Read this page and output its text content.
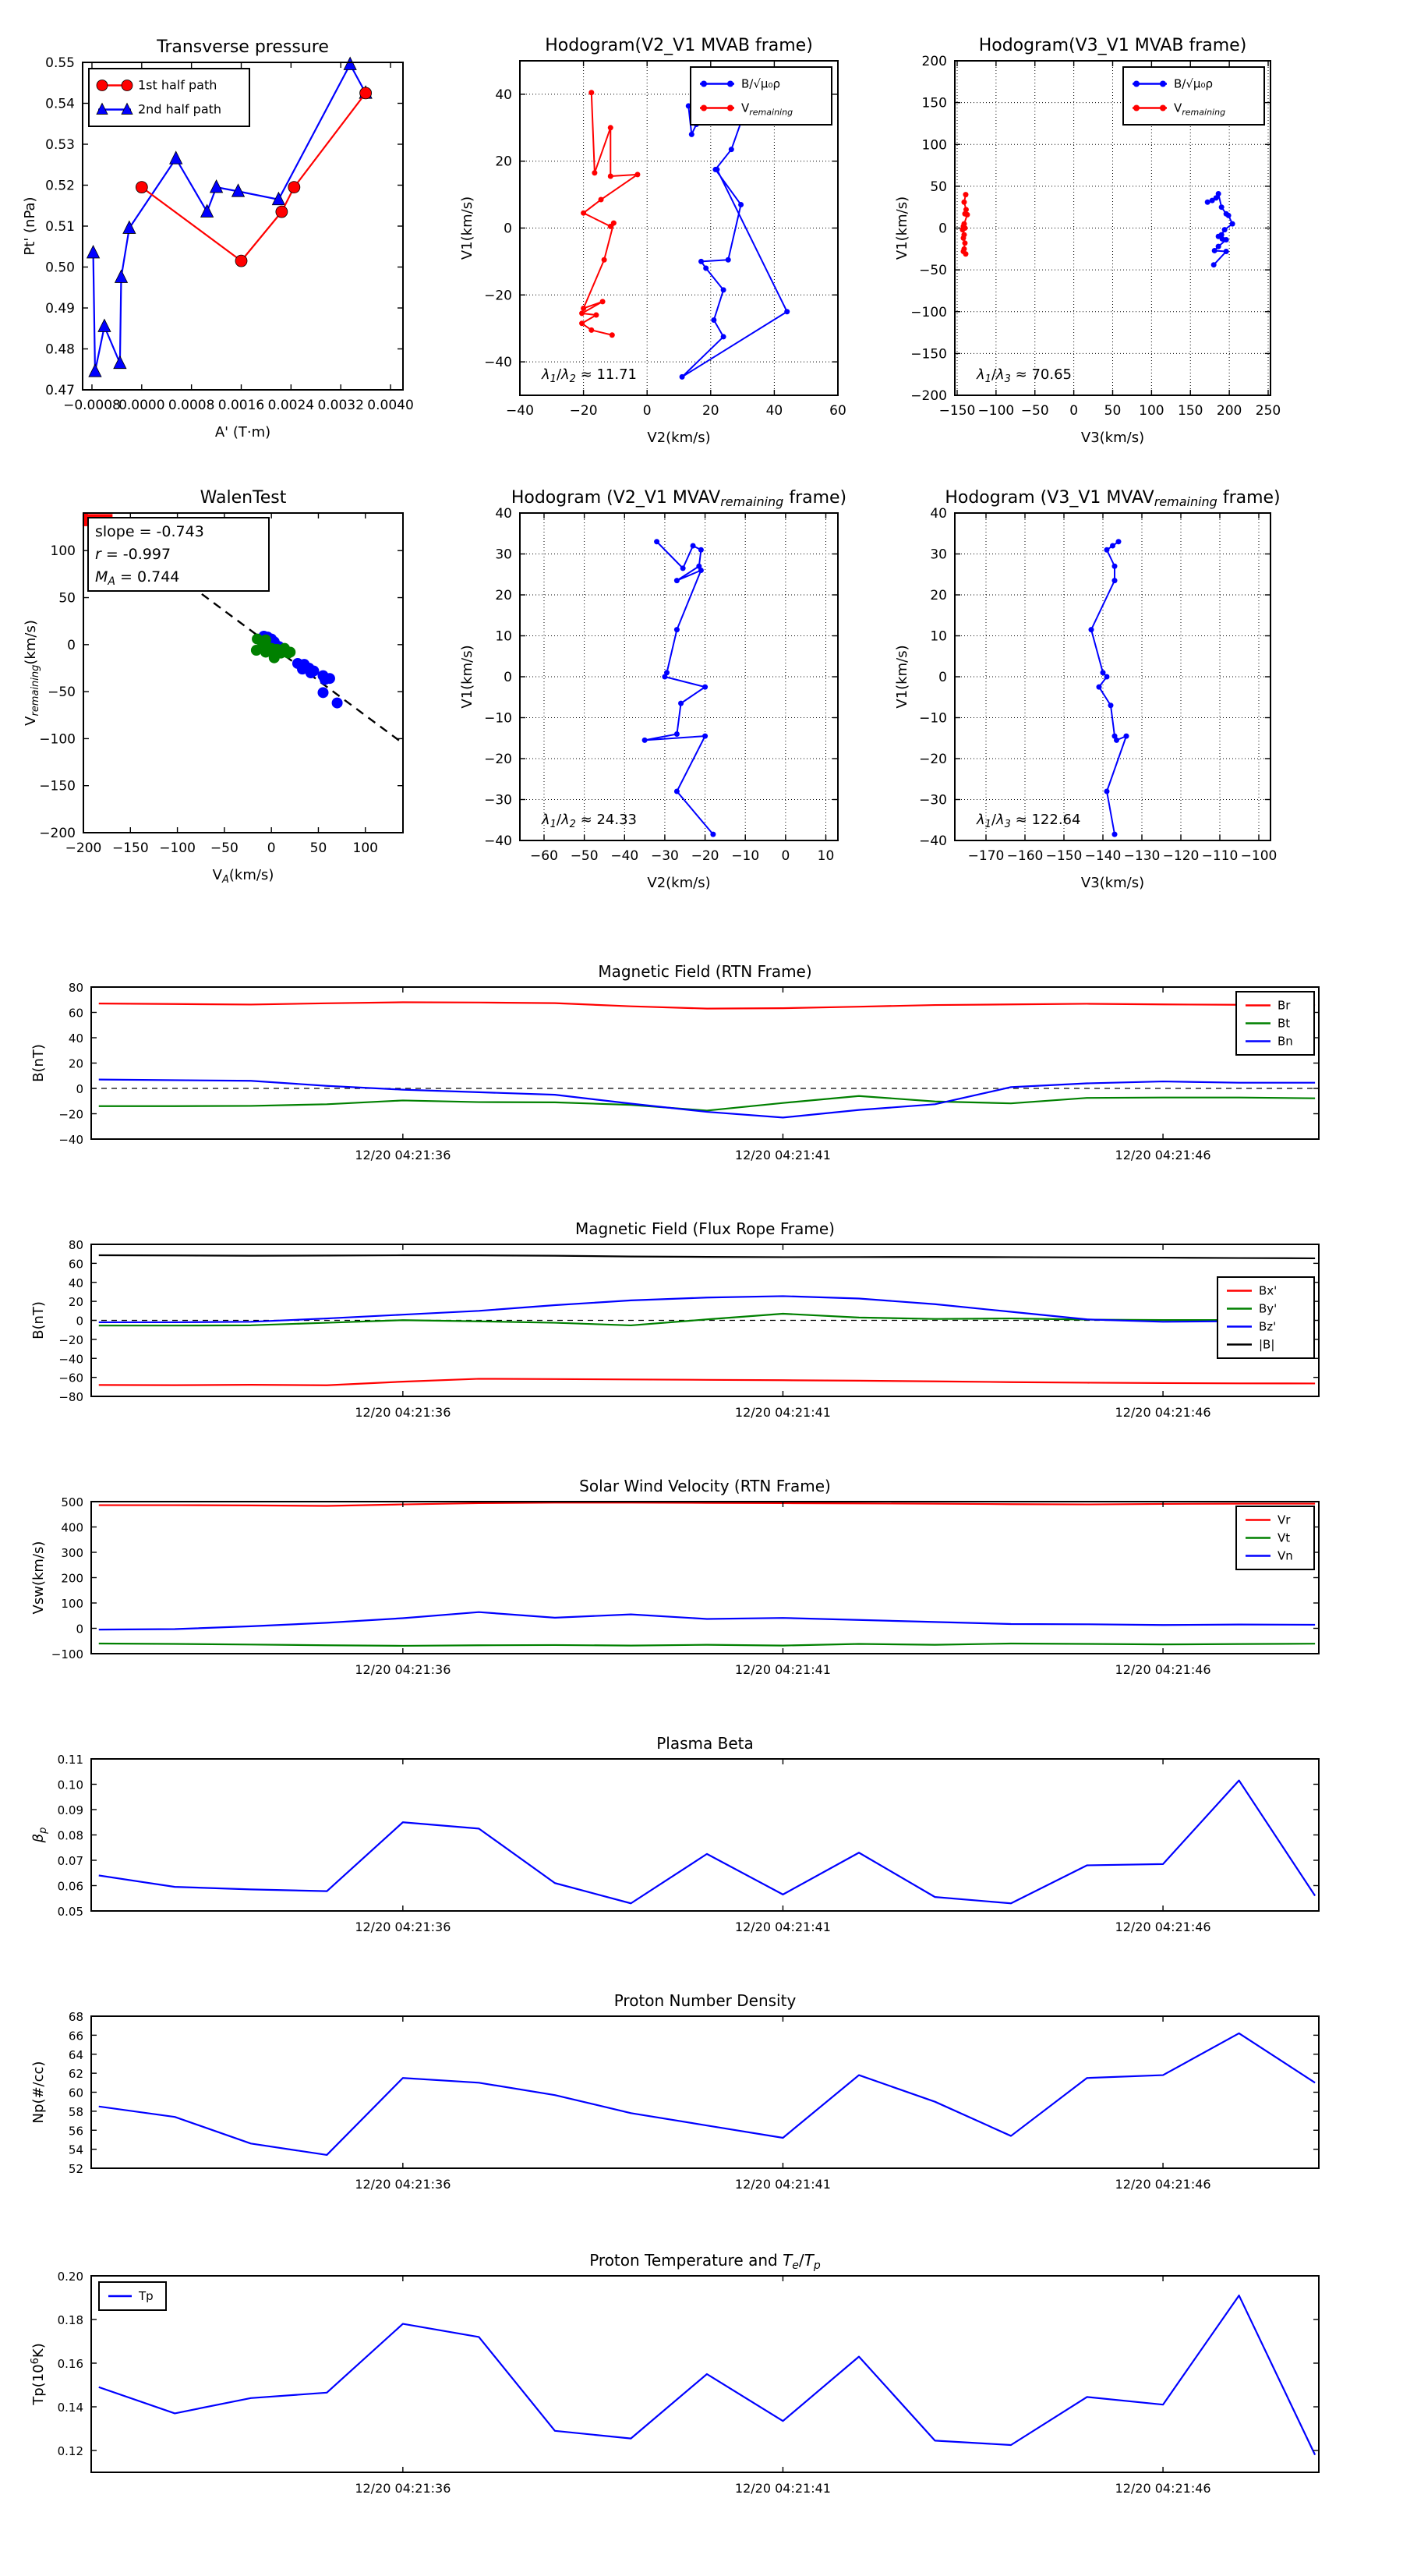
−0.0008
0.0000 0.0008 0.0016 0.0024 0.0032 0.0040
0.47
0.48
0.49
0.50
0.51
0.52
0.53
0.54
0.55
Transverse pressure
A' (T·m)
Pt' (nPa)
1st half path
2nd half path
−40	−20	0	20	40	60
−40
−20
0
20
40
Hodogram(V2_V1 MVAB frame)
V2(km/s)
V1(km/s)
B/√μ₀ρ
$V_{remaining}$
$\lambda_1/\lambda_2 \approx 11.71$
−150 −100 −50 0 50 100 150 200 250
−200
−150
−100
−50
0
50
100
150
200
Hodogram(V3_V1 MVAB frame)
V3(km/s)
V1(km/s)
B/√μ₀ρ
$V_{remaining}$
$\lambda_1/\lambda_3 \approx 70.65$
−200 −150 −100 −50 0	50 100
−200
−150
−100
−50
0
50
100
WalenTest
$V_A(km/s)$
$V_{remaining}(km/s)$
slope = -0.743
r = -0.997
$M_A = 0.744$
−60 −50 −40 −30 −20 −10 0 10
−40
−30
−20
−10
0
10
20
30
40
Hodogram (V2_V1 MVAVremaining frame)
V2(km/s)
V1(km/s)
$\lambda_1/\lambda_2 \approx 24.33$
−170 −160 −150 −140 −130 −120 −110 −100
−40
−30
−20
−10
0
10
20
30
40
Hodogram (V3_V1 MVAVremaining frame)
V3(km/s)
V1(km/s)
$\lambda_1/\lambda_3 \approx 122.64$
12/20 04:21:36	12/20 04:21:41	12/20 04:21:46
−40
−20
0
20
40
60
80
Magnetic Field (RTN Frame)
B(nT)
Br
Bt
Bn
12/20 04:21:36	12/20 04:21:41	12/20 04:21:46
−80
−60
−40
−20
0
20
40
60
80
Magnetic Field (Flux Rope Frame)
B(nT)
Bx'
By'
Bz'
|B|
12/20 04:21:36	12/20 04:21:41	12/20 04:21:46
−100
0
100
200
300
400
500
Solar Wind Velocity (RTN Frame)
Vsw(km/s)
Vr
Vt
Vn
12/20 04:21:36	12/20 04:21:41	12/20 04:21:46
0.05
0.06
0.07
0.08
0.09
0.10
0.11
Plasma Beta
$\beta_p$
12/20 04:21:36	12/20 04:21:41	12/20 04:21:46
52
54
56
58
60
62
64
66
68
Proton Number Density
Np(#/cc)
12/20 04:21:36	12/20 04:21:41	12/20 04:21:46
0.12
0.14
0.16
0.18
0.20
Proton Temperature and $T_e/T_p$
$Tp(10^6K)$
Tp
